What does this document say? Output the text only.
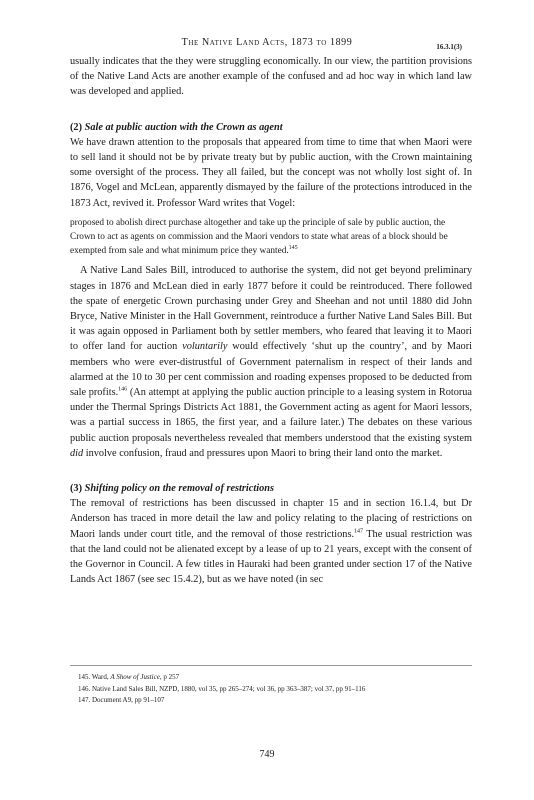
The Native Land Acts, 1873 to 1899	16.3.1(3)

usually indicates that the they were struggling economically. In our view, the partition provisions of the Native Land Acts are another example of the confused and ad hoc way in which land law was developed and applied.

(2) Sale at public auction with the Crown as agent

We have drawn attention to the proposals that appeared from time to time that when Maori were to sell land it should not be by private treaty but by public auction, with the Crown maintaining some oversight of the process. They all failed, but the concept was not wholly lost sight of. In 1876, Vogel and McLean, apparently dismayed by the failure of the protections introduced in the 1873 Act, revived it. Professor Ward writes that Vogel:

proposed to abolish direct purchase altogether and take up the principle of sale by public auction, the Crown to act as agents on commission and the Maori vendors to state what areas of a block should be exempted from sale and what minimum price they wanted.$^{145}$

A Native Land Sales Bill, introduced to authorise the system, did not get beyond preliminary stages in 1876 and McLean died in early 1877 before it could be reintroduced. There followed the spate of energetic Crown purchasing under Grey and Sheehan and not until 1880 did John Bryce, Native Minister in the Hall Government, reintroduce a further Native Land Sales Bill. But it was again opposed in Parliament both by settler members, who feared that leaving it to Maori to offer land for auction voluntarily would effectively ‘shut up the country’, and by Maori members who were ever-distrustful of Government paternalism in respect of their lands and alarmed at the 10 to 30 per cent commission and roading expenses proposed to be deducted from sale profits.$^{146}$ (An attempt at applying the public auction principle to a leasing system in Rotorua under the Thermal Springs Districts Act 1881, the Government acting as agent for Maori lessors, was a partial success in 1865, the first year, and a failure later.) The debates on these various public auction proposals nevertheless revealed that members understood that the existing system did involve confusion, fraud and pressures upon Maori to bring their land onto the market.

(3) Shifting policy on the removal of restrictions

The removal of restrictions has been discussed in chapter 15 and in section 16.1.4, but Dr Anderson has traced in more detail the law and policy relating to the placing of restrictions on Maori lands under court title, and the removal of those restrictions.$^{147}$ The usual restriction was that the land could not be alienated except by a lease of up to 21 years, except with the consent of the Governor in Council. A few titles in Hauraki had been granted under section 17 of the Native Lands Act 1867 (see sec 15.4.2), but as we have noted (in sec

145. Ward, A Show of Justice, p 257
146. Native Land Sales Bill, NZPD, 1880, vol 35, pp 265–274; vol 36, pp 363–387; vol 37, pp 91–116
147. Document A9, pp 91–107
749
